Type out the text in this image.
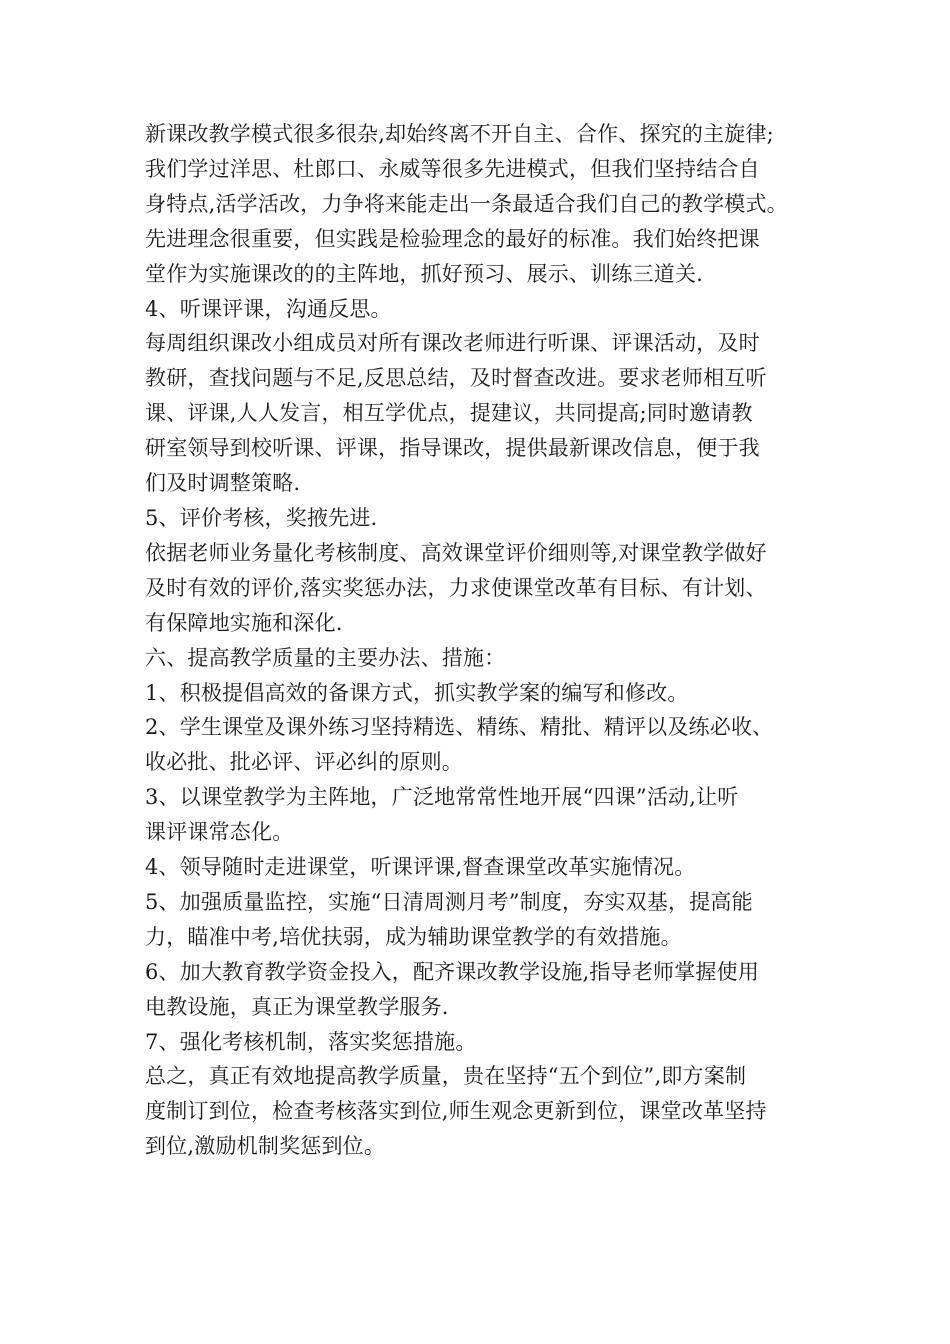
新课改教学模式很多很杂,却始终离不开自主、合作、探究的主旋律;
我们学过洋思、杜郎口、永威等很多先进模式，但我们坚持结合自
身特点,活学活改，力争将来能走出一条最适合我们自己的教学模式。
先进理念很重要，但实践是检验理念的最好的标准。我们始终把课
堂作为实施课改的的主阵地，抓好预习、展示、训练三道关.
4、听课评课，沟通反思。
每周组织课改小组成员对所有课改老师进行听课、评课活动，及时
教研，查找问题与不足,反思总结，及时督查改进。要求老师相互听
课、评课,人人发言，相互学优点，提建议，共同提高;同时邀请教
研室领导到校听课、评课，指导课改，提供最新课改信息，便于我
们及时调整策略.
5、评价考核，奖掖先进.
依据老师业务量化考核制度、高效课堂评价细则等,对课堂教学做好
及时有效的评价,落实奖惩办法，力求使课堂改革有目标、有计划、
有保障地实施和深化.
六、提高教学质量的主要办法、措施：
1、积极提倡高效的备课方式，抓实教学案的编写和修改。
2、学生课堂及课外练习坚持精选、精练、精批、精评以及练必收、
收必批、批必评、评必纠的原则。
3、以课堂教学为主阵地，广泛地常常性地开展“四课”活动,让听
课评课常态化。
4、领导随时走进课堂，听课评课,督查课堂改革实施情况。
5、加强质量监控，实施“日清周测月考”制度，夯实双基，提高能
力，瞄准中考,培优扶弱，成为辅助课堂教学的有效措施。
6、加大教育教学资金投入，配齐课改教学设施,指导老师掌握使用
电教设施，真正为课堂教学服务.
7、强化考核机制，落实奖惩措施。
总之，真正有效地提高教学质量，贵在坚持“五个到位”,即方案制
度制订到位，检查考核落实到位,师生观念更新到位，课堂改革坚持
到位,激励机制奖惩到位。
